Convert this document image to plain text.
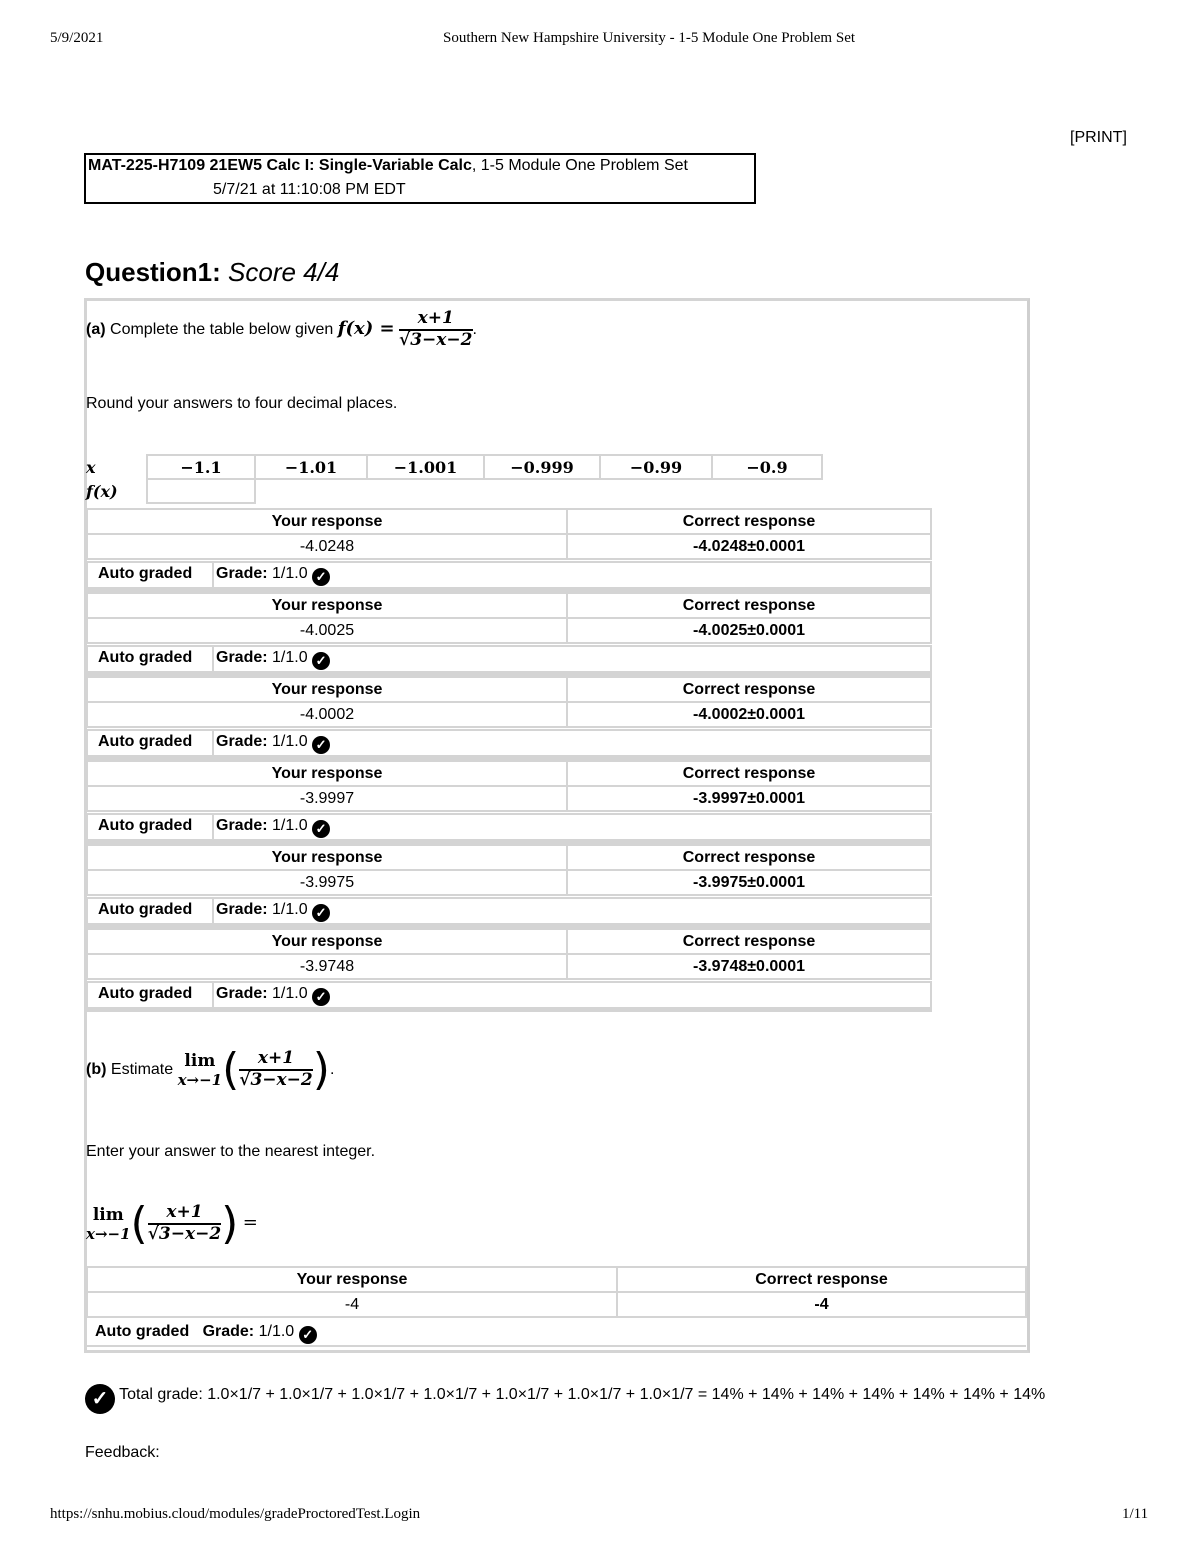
5/9/2021	Southern New Hampshire University - 1-5 Module One Problem Set
[PRINT]
MAT-225-H7109 21EW5 Calc I: Single-Variable Calc, 1-5 Module One Problem Set
5/7/21 at 11:10:08 PM EDT
Question1: Score 4/4
(a) Complete the table below given $f(x) = \frac{x+1}{√3-x-2}$ .
Round your answers to four decimal places.
x	−1.1	−1.01	−1.001	−0.999	−0.99	−0.9
f(x)						
Your response	Correct response
-4.0248	-4.0248±0.0001
Auto graded Grade: 1/1.0 ✓
Your response	Correct response
-4.0025	-4.0025±0.0001
Auto graded Grade: 1/1.0 ✓
Your response	Correct response
-4.0002	-4.0002±0.0001
Auto graded Grade: 1/1.0 ✓
Your response	Correct response
-3.9997	-3.9997±0.0001
Auto graded Grade: 1/1.0 ✓
Your response	Correct response
-3.9975	-3.9975±0.0001
Auto graded Grade: 1/1.0 ✓
Your response	Correct response
-3.9748	-3.9748±0.0001
Auto graded Grade: 1/1.0 ✓
(b) Estimate lim
x→−1 ( $\frac{x+1}{√3-x-2}$ ).
Enter your answer to the nearest integer.
lim
x→−1 ( $\frac{x+1}{√3-x-2}$ ) =
Your response	Correct response
-4	-4
Auto graded Grade: 1/1.0 ✓
✓ Total grade: 1.0×1/7 + 1.0×1/7 + 1.0×1/7 + 1.0×1/7 + 1.0×1/7 + 1.0×1/7 + 1.0×1/7 = 14% + 14% + 14% + 14% + 14% + 14% + 14%
Feedback:
https://snhu.mobius.cloud/modules/gradeProctoredTest.Login	1/11
